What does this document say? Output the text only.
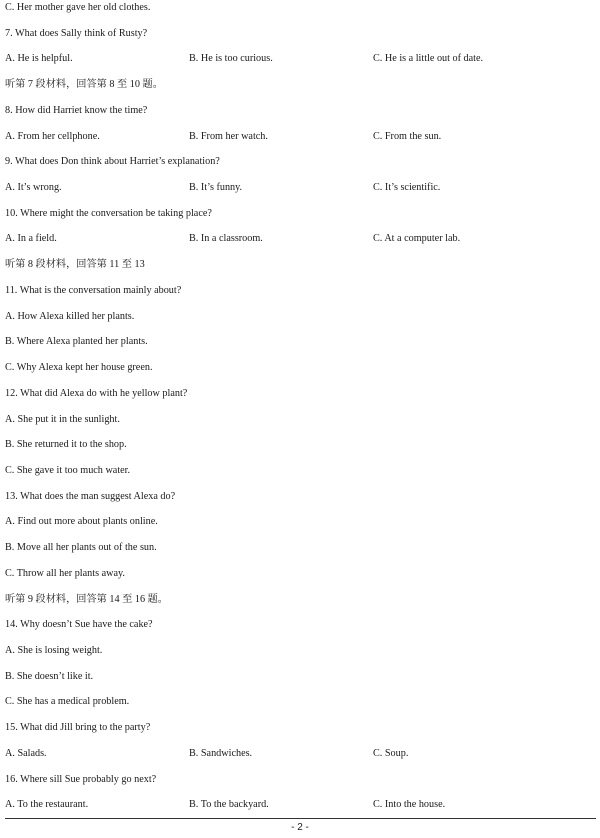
C. Her mother gave her old clothes.
7. What does Sally think of Rusty?
A. He is helpful.	B. He is too curious.	C. He is a little out of date.
听第 7 段材料，回答第 8 至 10 题。
8. How did Harriet know the time?
A. From her cellphone.	B. From her watch.	C. From the sun.
9. What does Don think about Harriet’s explanation?
A. It’s wrong.	B. It’s funny.	C. It’s scientific.
10. Where might the conversation be taking place?
A. In a field.	B. In a classroom.	C. At a computer lab.
听第 8 段材料，回答第 11 至 13
11. What is the conversation mainly about?
A. How Alexa killed her plants.
B. Where Alexa planted her plants.
C. Why Alexa kept her house green.
12. What did Alexa do with he yellow plant?
A. She put it in the sunlight.
B. She returned it to the shop.
C. She gave it too much water.
13. What does the man suggest Alexa do?
A. Find out more about plants online.
B. Move all her plants out of the sun.
C. Throw all her plants away.
听第 9 段材料，回答第 14 至 16 题。
14. Why doesn’t Sue have the cake?
A. She is losing weight.
B. She doesn’t like it.
C. She has a medical problem.
15. What did Jill bring to the party?
A. Salads.	B. Sandwiches.	C. Soup.
16. Where sill Sue probably go next?
A. To the restaurant.	B. To the backyard.	C. Into the house.
- 2 -
